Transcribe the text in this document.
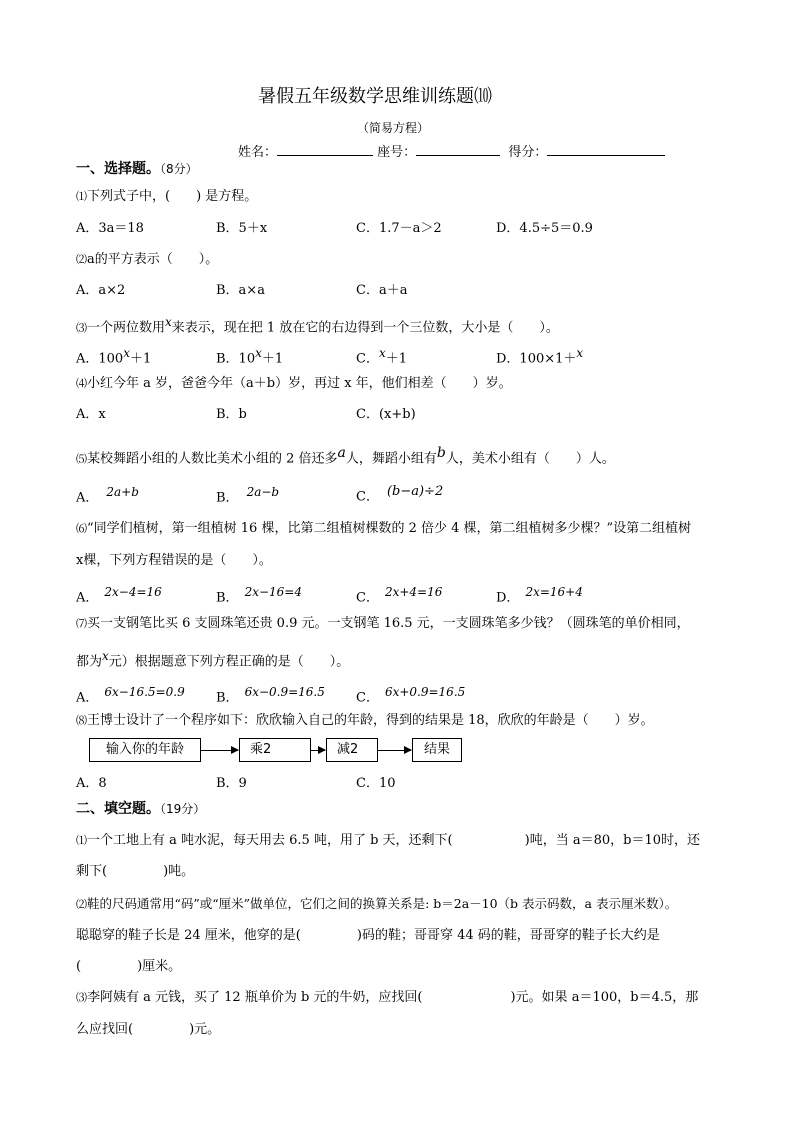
暑假五年级数学思维训练题⑽
（简易方程）
姓名：	座号：	得分：
一、选择题。（8分）
⑴下列式子中，(　　) 是方程。
A．3a＝18	B．5＋x	C．1.7－a＞2	D．4.5÷5＝0.9
⑵a的平方表示（　　）。
A．a×2	B．a×a	C．a＋a
⑶一个两位数用$^x$来表示，现在把 1 放在它的右边得到一个三位数，大小是（　　）。
A．$100^x+1$	B．$10^x+1$	C．$^x$＋1	D．100×1＋$^x$
⑷小红今年 a 岁，爸爸今年（a＋b）岁，再过 x 年，他们相差（　　）岁。
A．x	B．b	C．(x+b)
⑸某校舞蹈小组的人数比美术小组的 2 倍还多$^a$人，舞蹈小组有$^b$人，美术小组有（　　）人。
A． $^{2a+b}$	B． $^{2a-b}$	C． $^{(b-a)\div 2}$
⑹“同学们植树，第一组植树 16 棵，比第二组植树棵数的 2 倍少 4 棵，第二组植树多少棵？”设第二组植树
x棵，下列方程错误的是（　　）。
A． $^{2x-4=16}$	B． $^{2x-16=4}$	C． $^{2x+4=16}$	D． $^{2x=16+4}$
⑺买一支钢笔比买 6 支圆珠笔还贵 0.9 元。一支钢笔 16.5 元，一支圆珠笔多少钱？（圆珠笔的单价相同，
都为$^x$元）根据题意下列方程正确的是（　　）。
A． $^{6x-16.5=0.9}$ B． $^{6x-0.9=16.5}$ C． $^{6x+0.9=16.5}$
⑻王博士设计了一个程序如下：欣欣输入自己的年龄，得到的结果是 18，欣欣的年龄是（　　）岁。
输入你的年龄	乘2	减2	结果
A．8	B．9	C．10
二、填空题。（19分）
⑴一个工地上有 a 吨水泥，每天用去 6.5 吨，用了 b 天，还剩下(	)吨，当 a＝80，b＝10时，还
剩下(	)吨。
⑵鞋的尺码通常用“码”或“厘米”做单位，它们之间的换算关系是: b＝2a－10（b 表示码数，a 表示厘米数）。
聪聪穿的鞋子长是 24 厘米，他穿的是(	)码的鞋；哥哥穿 44 码的鞋，哥哥穿的鞋子长大约是
(	)厘米。
⑶李阿姨有 a 元钱，买了 12 瓶单价为 b 元的牛奶，应找回(	)元。如果 a＝100，b＝4.5，那
么应找回(	)元。
